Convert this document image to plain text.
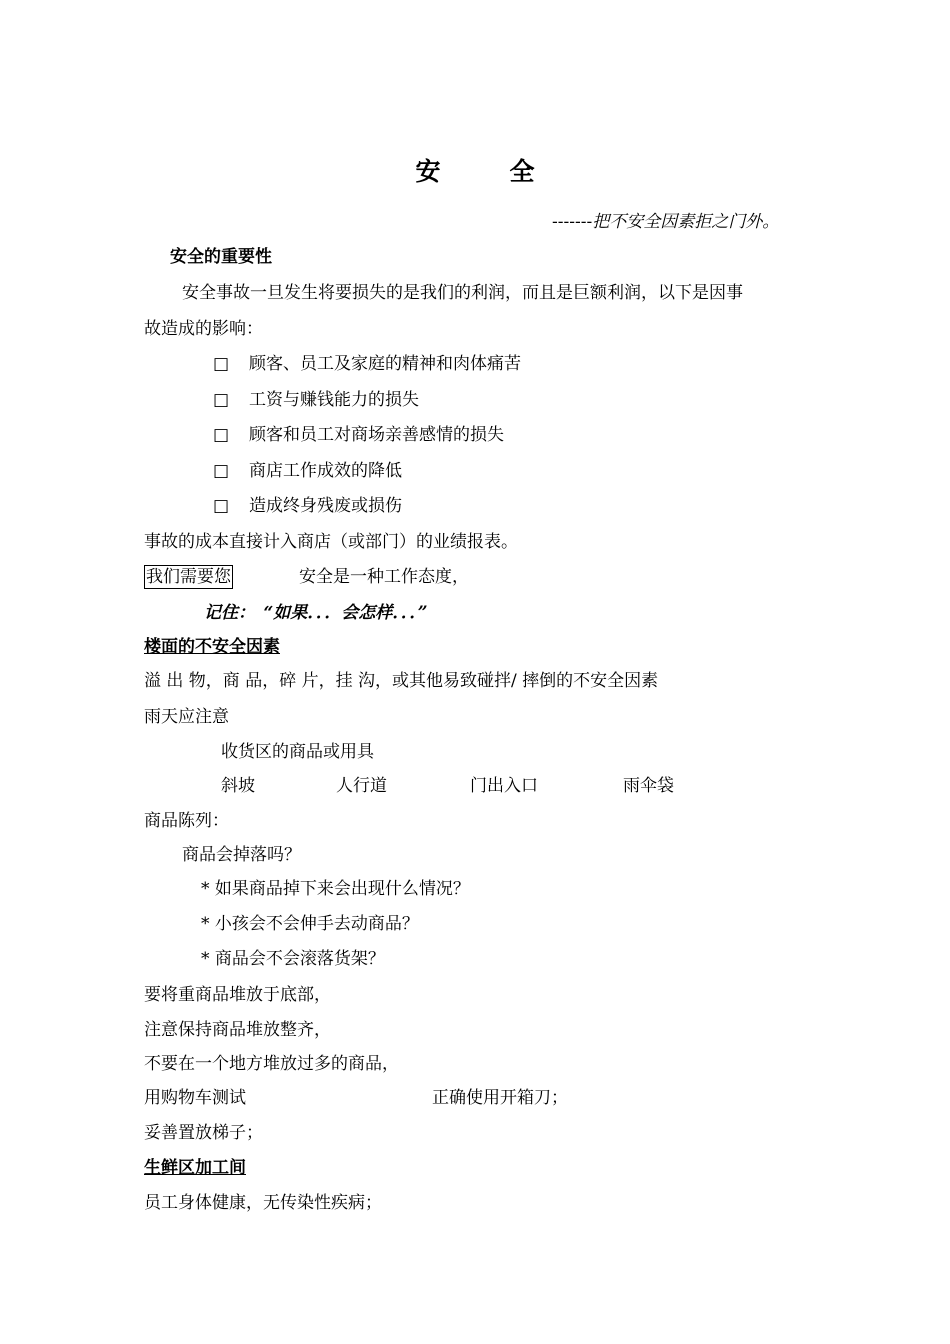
安　全
-------把不安全因素拒之门外。
安全的重要性
安全事故一旦发生将要损失的是我们的利润，而且是巨额利润，以下是因事
故造成的影响：
□ 顾客、员工及家庭的精神和肉体痛苦
□ 工资与赚钱能力的损失
□ 顾客和员工对商场亲善感情的损失
□ 商店工作成效的降低
□ 造成终身残废或损伤
事故的成本直接计入商店（或部门）的业绩报表。
我们需要您	安全是一种工作态度，
记住：　“如果．．．会怎样．．．”
楼面的不安全因素
溢 出 物，商 品，碎 片，挂 沟，或其他易致碰拌/ 摔倒的不安全因素
雨天应注意
收货区的商品或用具
斜坡	人行道	门出入口	雨伞袋
商品陈列：
商品会掉落吗？
* 如果商品掉下来会出现什么情况？
* 小孩会不会伸手去动商品？
* 商品会不会滚落货架？
要将重商品堆放于底部，
注意保持商品堆放整齐，
不要在一个地方堆放过多的商品，
用购物车测试	正确使用开箱刀；
妥善置放梯子；
生鲜区加工间
员工身体健康，无传染性疾病；
